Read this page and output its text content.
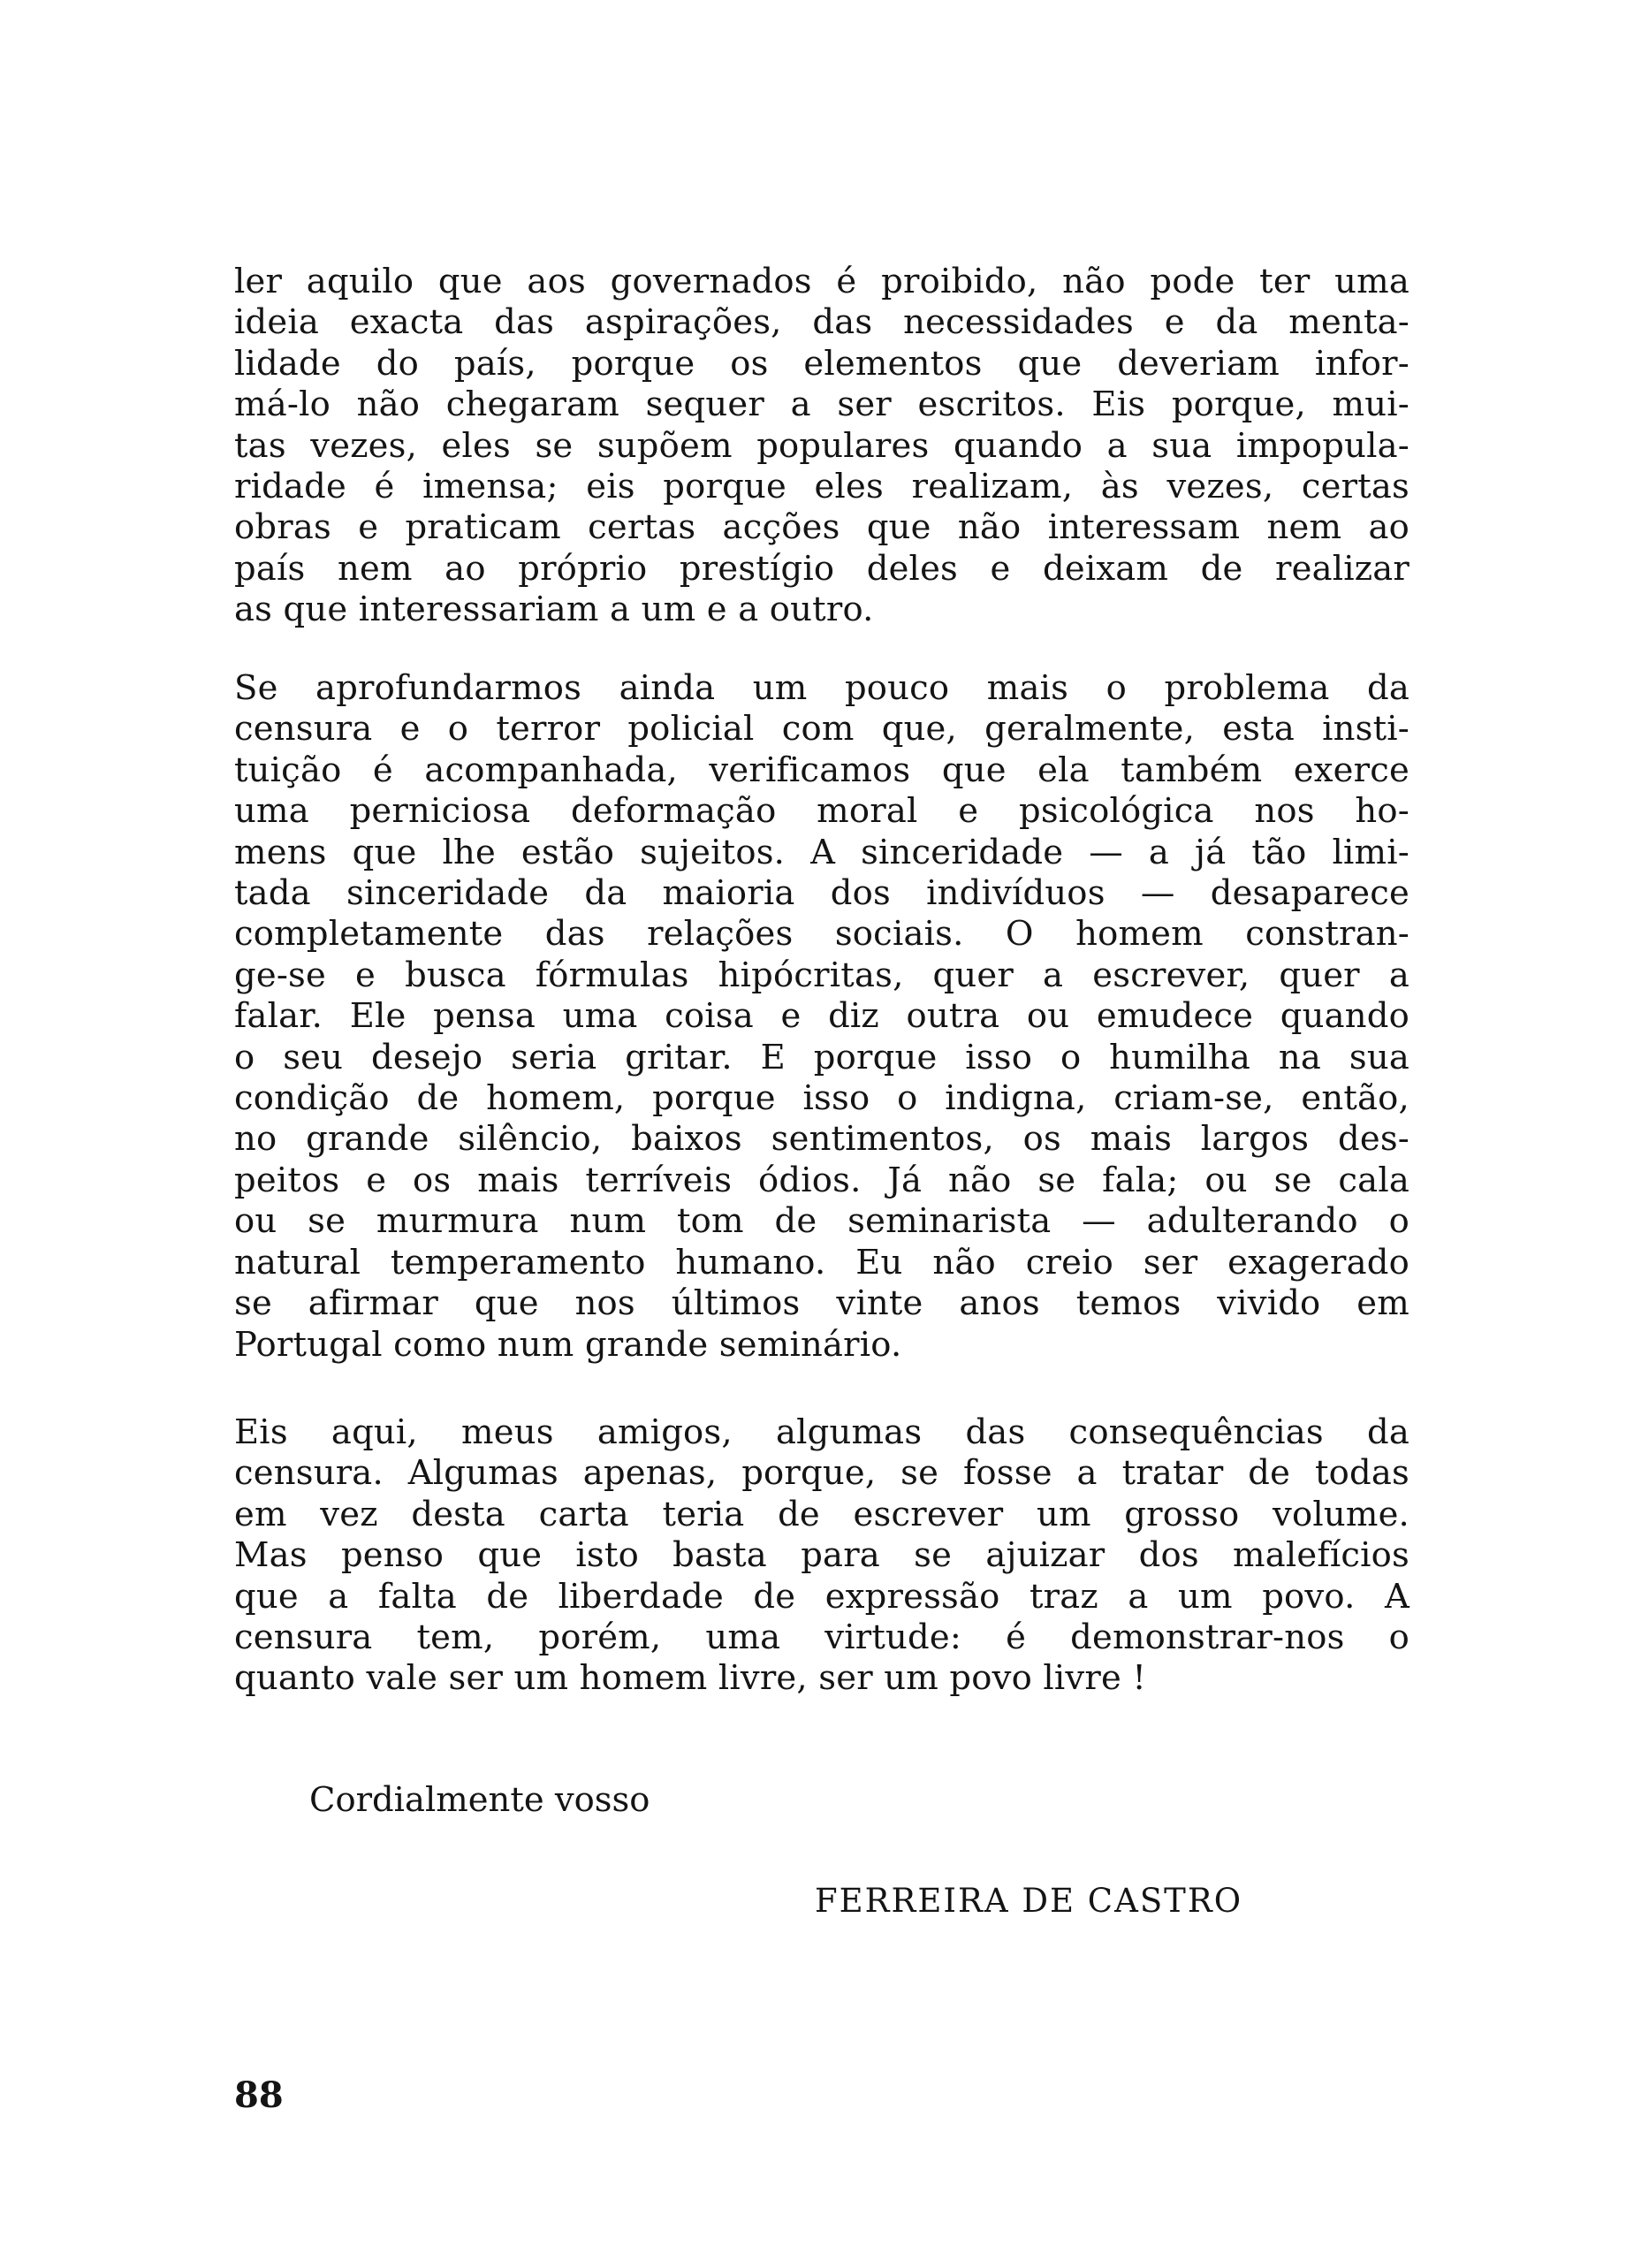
ler aquilo que aos governados é proibido, não pode ter uma
ideia exacta das aspirações, das necessidades e da menta-
lidade do país, porque os elementos que deveriam infor-
má-lo não chegaram sequer a ser escritos. Eis porque, mui-
tas vezes, eles se supõem populares quando a sua impopula-
ridade é imensa; eis porque eles realizam, às vezes, certas
obras e praticam certas acções que não interessam nem ao
país nem ao próprio prestígio deles e deixam de realizar
as que interessariam a um e a outro.
Se aprofundarmos ainda um pouco mais o problema da
censura e o terror policial com que, geralmente, esta insti-
tuição é acompanhada, verificamos que ela também exerce
uma perniciosa deformação moral e psicológica nos ho-
mens que lhe estão sujeitos. A sinceridade — a já tão limi-
tada sinceridade da maioria dos indivíduos — desaparece
completamente das relações sociais. O homem constran-
ge-se e busca fórmulas hipócritas, quer a escrever, quer a
falar. Ele pensa uma coisa e diz outra ou emudece quando
o seu desejo seria gritar. E porque isso o humilha na sua
condição de homem, porque isso o indigna, criam-se, então,
no grande silêncio, baixos sentimentos, os mais largos des-
peitos e os mais terríveis ódios. Já não se fala; ou se cala
ou se murmura num tom de seminarista — adulterando o
natural temperamento humano. Eu não creio ser exagerado
se afirmar que nos últimos vinte anos temos vivido em
Portugal como num grande seminário.
Eis aqui, meus amigos, algumas das consequências da
censura. Algumas apenas, porque, se fosse a tratar de todas
em vez desta carta teria de escrever um grosso volume.
Mas penso que isto basta para se ajuizar dos malefícios
que a falta de liberdade de expressão traz a um povo. A
censura tem, porém, uma virtude: é demonstrar-nos o
quanto vale ser um homem livre, ser um povo livre !
Cordialmente vosso
FERREIRA DE CASTRO
88
